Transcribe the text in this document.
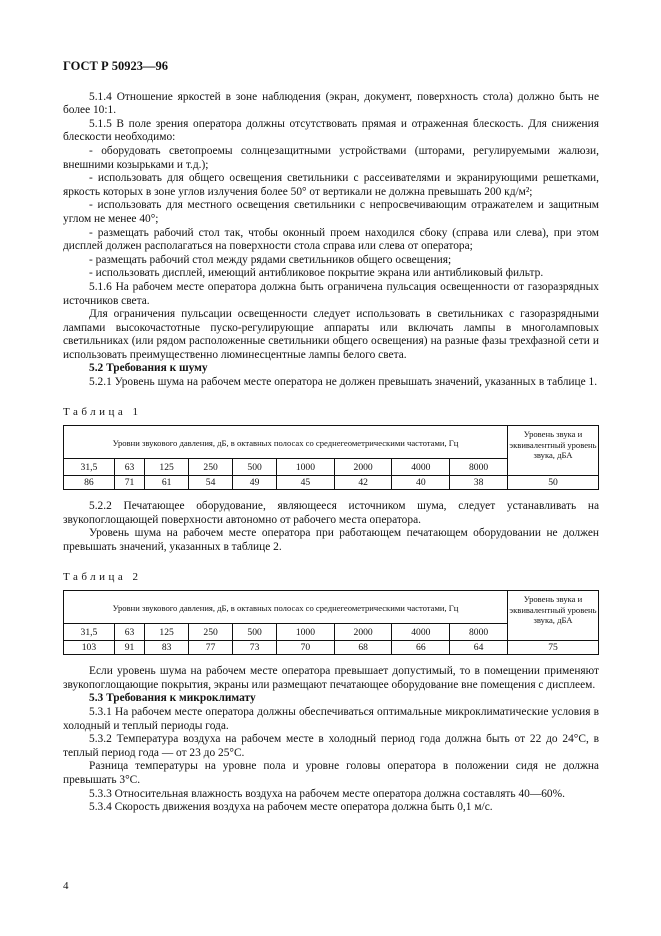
ГОСТ Р 50923—96

5.1.4 Отношение яркостей в зоне наблюдения (экран, документ, поверхность стола) должно быть не более 10:1.

5.1.5 В поле зрения оператора должны отсутствовать прямая и отраженная блескость. Для снижения блескости необходимо:

- оборудовать светопроемы солнцезащитными устройствами (шторами, регулируемыми жалюзи, внешними козырьками и т.д.);

- использовать для общего освещения светильники с рассеивателями и экранирующими решетками, яркость которых в зоне углов излучения более 50° от вертикали не должна превышать 200 кд/м²;

- использовать для местного освещения светильники с непросвечивающим отражателем и защитным углом не менее 40°;

- размещать рабочий стол так, чтобы оконный проем находился сбоку (справа или слева), при этом дисплей должен располагаться на поверхности стола справа или слева от оператора;

- размещать рабочий стол между рядами светильников общего освещения;

- использовать дисплей, имеющий антибликовое покрытие экрана или антибликовый фильтр.

5.1.6 На рабочем месте оператора должна быть ограничена пульсация освещенности от газоразрядных источников света.

Для ограничения пульсации освещенности следует использовать в светильниках с газоразрядными лампами высокочастотные пуско-регулирующие аппараты или включать лампы в многоламповых светильниках (или рядом расположенные светильники общего освещения) на разные фазы трехфазной сети и использовать преимущественно люминесцентные лампы белого света.

5.2 Требования к шуму

5.2.1 Уровень шума на рабочем месте оператора не должен превышать значений, указанных в таблице 1.

Таблица 1
Уровни звукового давления, дБ, в октавных полосах со среднегеометрическими частотами, Гц									Уровень звука и эквивалентный уровень звука, дБА
31,5	63	125	250	500	1000	2000	4000	8000	
86	71	61	54	49	45	42	40	38	50

5.2.2 Печатающее оборудование, являющееся источником шума, следует устанавливать на звукопоглощающей поверхности автономно от рабочего места оператора.

Уровень шума на рабочем месте оператора при работающем печатающем оборудовании не должен превышать значений, указанных в таблице 2.

Таблица 2
Уровни звукового давления, дБ, в октавных полосах со среднегеометрическими частотами, Гц									Уровень звука и эквивалентный уровень звука, дБА
31,5	63	125	250	500	1000	2000	4000	8000	
103	91	83	77	73	70	68	66	64	75

Если уровень шума на рабочем месте оператора превышает допустимый, то в помещении применяют звукопоглощающие покрытия, экраны или размещают печатающее оборудование вне помещения с дисплеем.

5.3 Требования к микроклимату

5.3.1 На рабочем месте оператора должны обеспечиваться оптимальные микроклиматические условия в холодный и теплый периоды года.

5.3.2 Температура воздуха на рабочем месте в холодный период года должна быть от 22 до 24°С, в теплый период года — от 23 до 25°С.

Разница температуры на уровне пола и уровне головы оператора в положении сидя не должна превышать 3°С.

5.3.3 Относительная влажность воздуха на рабочем месте оператора должна составлять 40—60%.

5.3.4 Скорость движения воздуха на рабочем месте оператора должна быть 0,1 м/с.

4
